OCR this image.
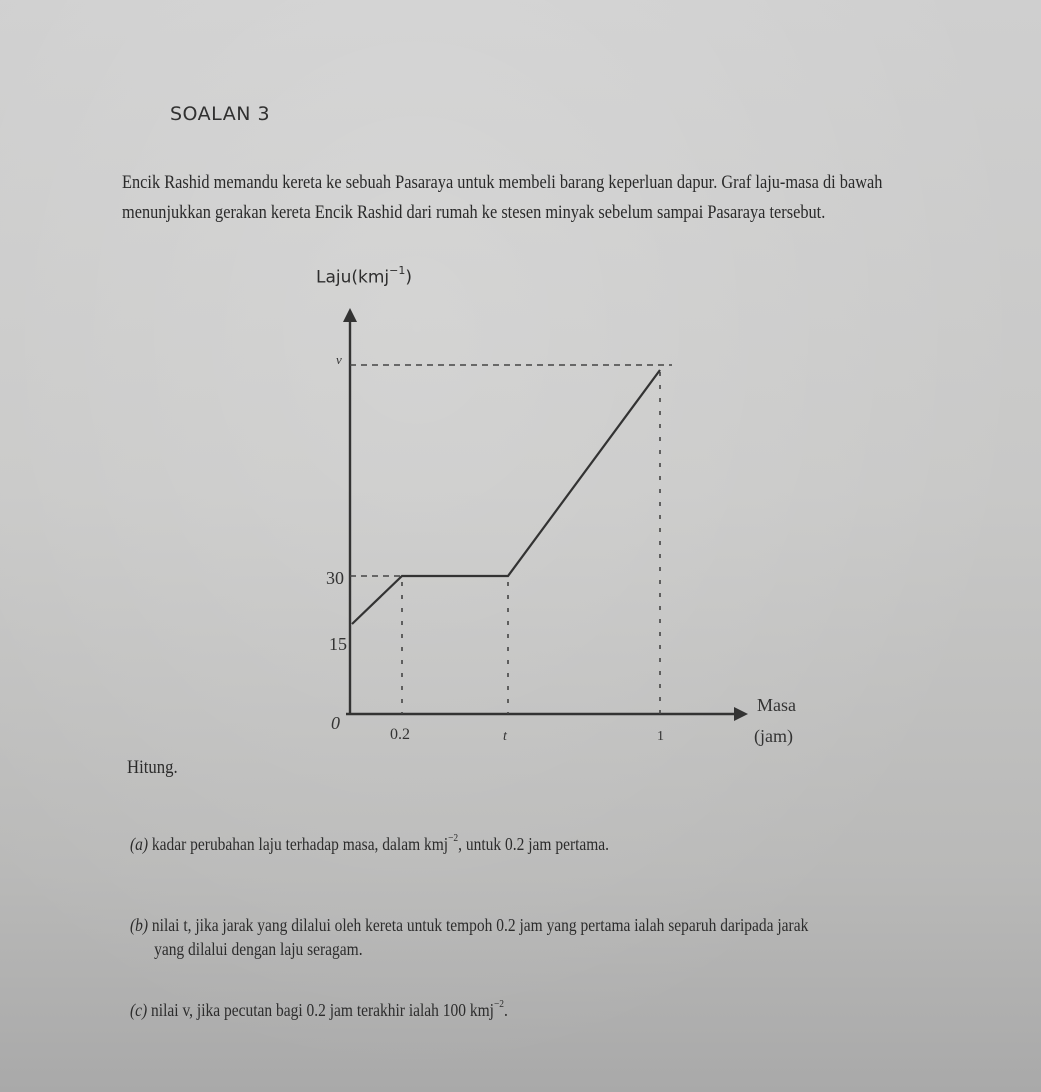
SOALAN 3
Encik Rashid memandu kereta ke sebuah Pasaraya untuk membeli barang keperluan dapur. Graf laju-masa di bawah menunjukkan gerakan kereta Encik Rashid dari rumah ke stesen minyak sebelum sampai Pasaraya tersebut.
Laju(kmj$^{-1}$)
v
30
15
0
0.2	t	1
Masa
(jam)
Hitung.
(a) kadar perubahan laju terhadap masa, dalam kmj$^{-2}$, untuk 0.2 jam pertama.
(b) nilai t, jika jarak yang dilalui oleh kereta untuk tempoh 0.2 jam yang pertama ialah separuh daripada jarak
yang dilalui dengan laju seragam.
(c) nilai v, jika pecutan bagi 0.2 jam terakhir ialah 100 kmj$^{-2}$.
